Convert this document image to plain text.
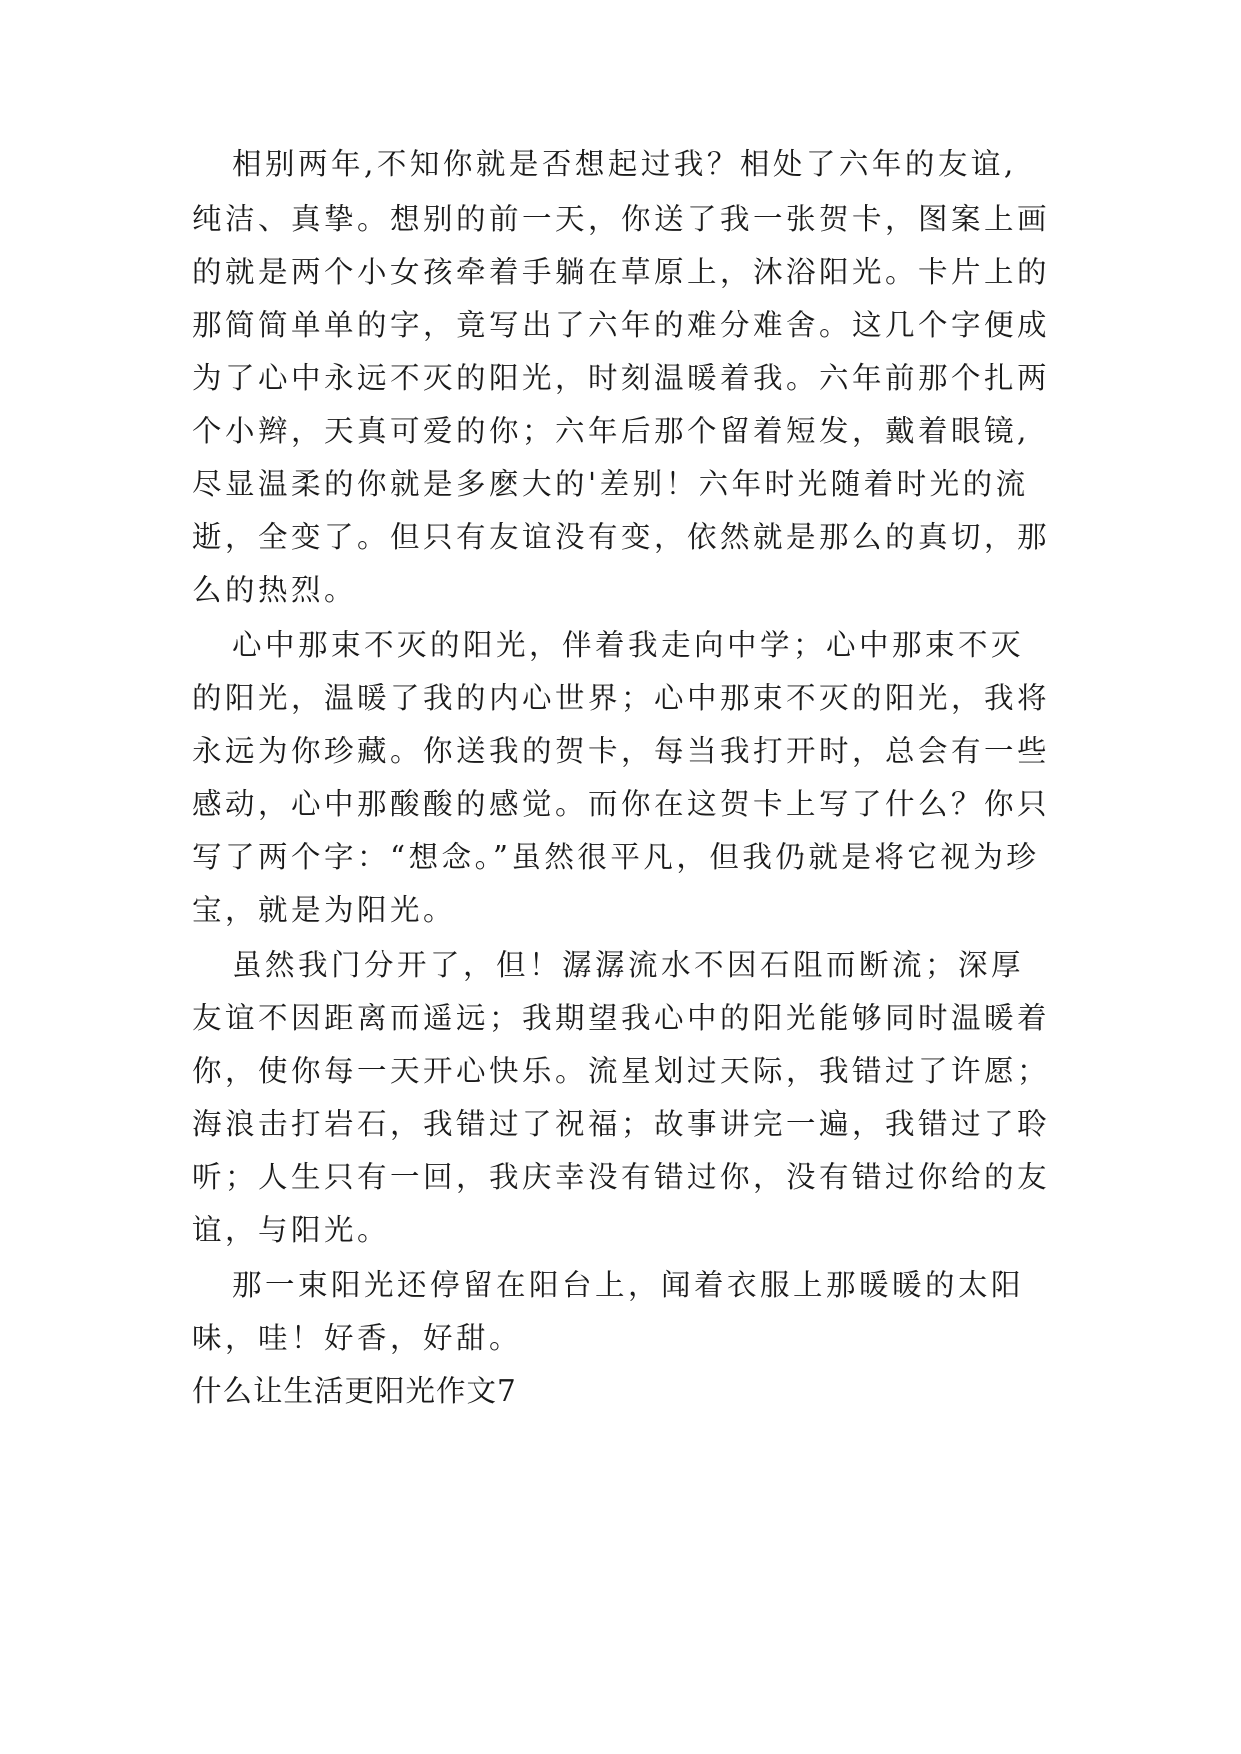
相别两年,不知你就是否想起过我？相处了六年的友谊,
纯洁、真挚。想别的前一天，你送了我一张贺卡，图案上画
的就是两个小女孩牵着手躺在草原上，沐浴阳光。卡片上的
那简简单单的字，竟写出了六年的难分难舍。这几个字便成
为了心中永远不灭的阳光，时刻温暖着我。六年前那个扎两
个小辫，天真可爱的你；六年后那个留着短发，戴着眼镜,
尽显温柔的你就是多麽大的'差别！六年时光随着时光的流
逝，全变了。但只有友谊没有变，依然就是那么的真切，那
么的热烈。
心中那束不灭的阳光，伴着我走向中学；心中那束不灭
的阳光，温暖了我的内心世界；心中那束不灭的阳光，我将
永远为你珍藏。你送我的贺卡，每当我打开时，总会有一些
感动，心中那酸酸的感觉。而你在这贺卡上写了什么？你只
写了两个字：“想念。”虽然很平凡，但我仍就是将它视为珍
宝，就是为阳光。
虽然我门分开了，但！潺潺流水不因石阻而断流；深厚
友谊不因距离而遥远；我期望我心中的阳光能够同时温暖着
你，使你每一天开心快乐。流星划过天际，我错过了许愿；
海浪击打岩石，我错过了祝福；故事讲完一遍，我错过了聆
听；人生只有一回，我庆幸没有错过你，没有错过你给的友
谊，与阳光。
那一束阳光还停留在阳台上，闻着衣服上那暖暖的太阳
味，哇！好香，好甜。
什么让生活更阳光作文7
